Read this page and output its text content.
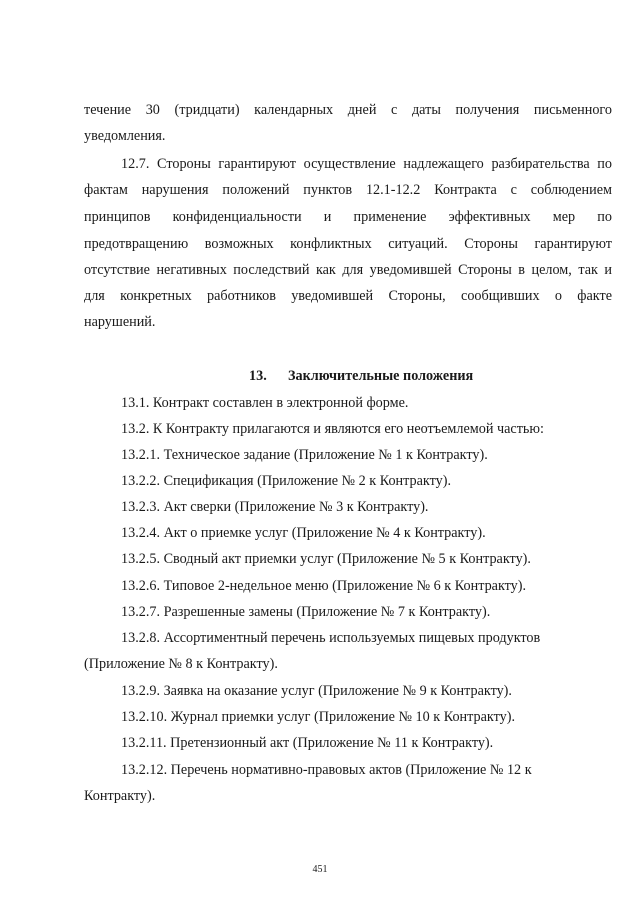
течение 30 (тридцати) календарных дней с даты получения письменного
уведомления.
12.7. Стороны гарантируют осуществление надлежащего разбирательства по
фактам нарушения положений пунктов 12.1-12.2 Контракта с соблюдением
принципов конфиденциальности и применение эффективных мер по
предотвращению возможных конфликтных ситуаций. Стороны гарантируют
отсутствие негативных последствий как для уведомившей Стороны в целом, так и
для конкретных работников уведомившей Стороны, сообщивших о факте
нарушений.
13. Заключительные положения
13.1. Контракт составлен в электронной форме.
13.2. К Контракту прилагаются и являются его неотъемлемой частью:
13.2.1. Техническое задание (Приложение № 1 к Контракту).
13.2.2. Спецификация (Приложение № 2 к Контракту).
13.2.3. Акт сверки (Приложение № 3 к Контракту).
13.2.4. Акт о приемке услуг (Приложение № 4 к Контракту).
13.2.5. Сводный акт приемки услуг (Приложение № 5 к Контракту).
13.2.6. Типовое 2-недельное меню (Приложение № 6 к Контракту).
13.2.7. Разрешенные замены (Приложение № 7 к Контракту).
13.2.8. Ассортиментный перечень используемых пищевых продуктов
(Приложение № 8 к Контракту).
13.2.9. Заявка на оказание услуг (Приложение № 9 к Контракту).
13.2.10. Журнал приемки услуг (Приложение № 10 к Контракту).
13.2.11. Претензионный акт (Приложение № 11 к Контракту).
13.2.12. Перечень нормативно-правовых актов (Приложение № 12 к
Контракту).
451
